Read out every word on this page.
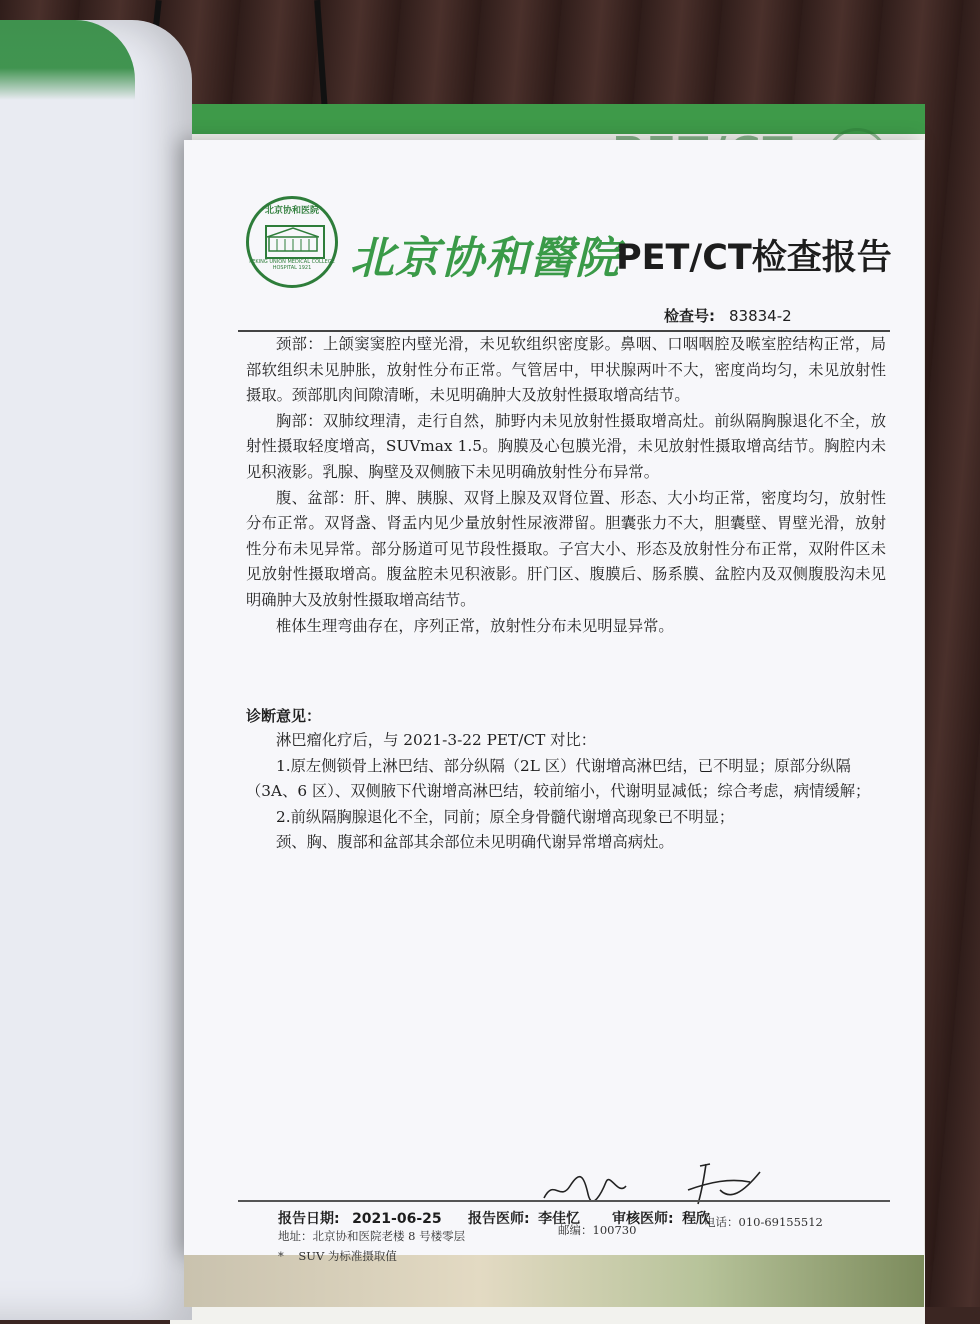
北京协和医院
PEKING UNION MEDICAL COLLEGE HOSPITAL 1921 北京协和醫院
PET/CT检查报告
检查号: 83834-2

颈部：上颌窦窦腔内壁光滑，未见软组织密度影。鼻咽、口咽咽腔及喉室腔结构正常，局部软组织未见肿胀，放射性分布正常。气管居中，甲状腺两叶不大，密度尚均匀，未见放射性摄取。颈部肌肉间隙清晰，未见明确肿大及放射性摄取增高结节。

胸部：双肺纹理清，走行自然，肺野内未见放射性摄取增高灶。前纵隔胸腺退化不全，放射性摄取轻度增高，SUVmax 1.5。胸膜及心包膜光滑，未见放射性摄取增高结节。胸腔内未见积液影。乳腺、胸壁及双侧腋下未见明确放射性分布异常。

腹、盆部：肝、脾、胰腺、双肾上腺及双肾位置、形态、大小均正常，密度均匀，放射性分布正常。双肾盏、肾盂内见少量放射性尿液滞留。胆囊张力不大，胆囊壁、胃壁光滑，放射性分布未见异常。部分肠道可见节段性摄取。子宫大小、形态及放射性分布正常，双附件区未见放射性摄取增高。腹盆腔未见积液影。肝门区、腹膜后、肠系膜、盆腔内及双侧腹股沟未见明确肿大及放射性摄取增高结节。

椎体生理弯曲存在，序列正常，放射性分布未见明显异常。

诊断意见：

淋巴瘤化疗后，与 2021-3-22 PET/CT 对比：

1.原左侧锁骨上淋巴结、部分纵隔（2L 区）代谢增高淋巴结，已不明显；原部分纵隔（3A、6 区）、双侧腋下代谢增高淋巴结，较前缩小，代谢明显减低；综合考虑，病情缓解；

2.前纵隔胸腺退化不全，同前；原全身骨髓代谢增高现象已不明显；

颈、胸、腹部和盆部其余部位未见明确代谢异常增高病灶。

报告日期: 2021-06-25 报告医师: 李佳忆 审核医师: 程欣
地址：北京协和医院老楼 8 号楼零层	邮编：100730
电话：010-69155512
*    SUV 为标准摄取值
